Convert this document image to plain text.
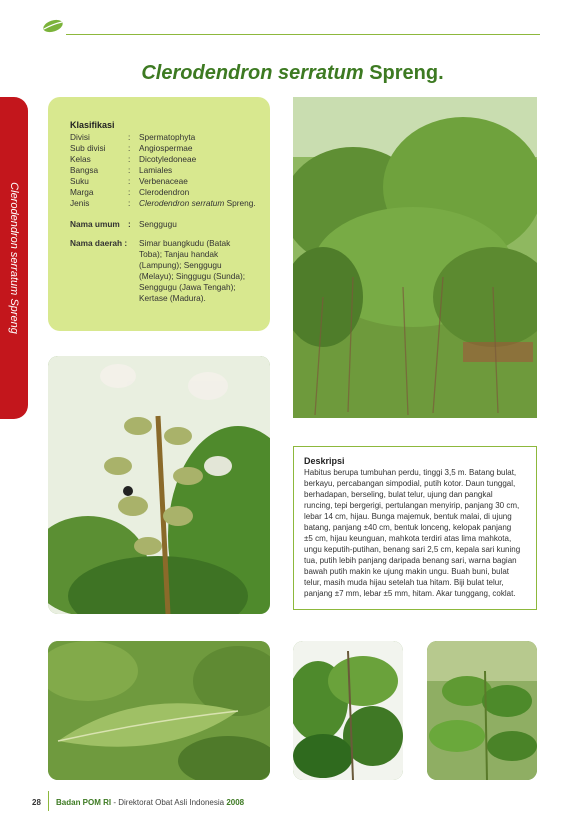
Clerodendron serratum Spreng.
Clerodendron serratum Spreng
Klasifikasi
Divisi	: Spermatophyta
Sub divisi	: Angiospermae
Kelas	: Dicotyledoneae
Bangsa	: Lamiales
Suku	: Verbenaceae
Marga	: Clerodendron
Jenis	: Clerodendron serratum Spreng.
Nama umum : Senggugu
Nama daerah : Simar buangkudu (Batak
Toba); Tanjau handak
(Lampung); Senggugu
(Melayu); Singgugu (Sunda);
Senggugu (Jawa Tengah);
Kertase (Madura).
Deskripsi
Habitus berupa tumbuhan perdu, tinggi 3,5 m. Batang bulat,
berkayu, percabangan simpodial, putih kotor. Daun tunggal,
berhadapan, berseling, bulat telur, ujung dan pangkal
runcing, tepi bergerigi, pertulangan menyirip, panjang 30 cm,
lebar 14 cm, hijau. Bunga majemuk, bentuk malai, di ujung
batang, panjang ±40 cm, bentuk lonceng, kelopak panjang
±5 cm, hijau keunguan, mahkota terdiri atas lima mahkota,
ungu keputih-putihan, benang sari 2,5 cm, kepala sari kuning
tua, putih lebih panjang daripada benang sari, warna bagian
bawah putih makin ke ujung makin ungu. Buah buni, bulat
telur, masih muda hijau setelah tua hitam. Biji bulat telur,
panjang ±7 mm, lebar ±5 mm, hitam. Akar tunggang, coklat.
28 Badan POM RI - Direktorat Obat Asli Indonesia 2008
